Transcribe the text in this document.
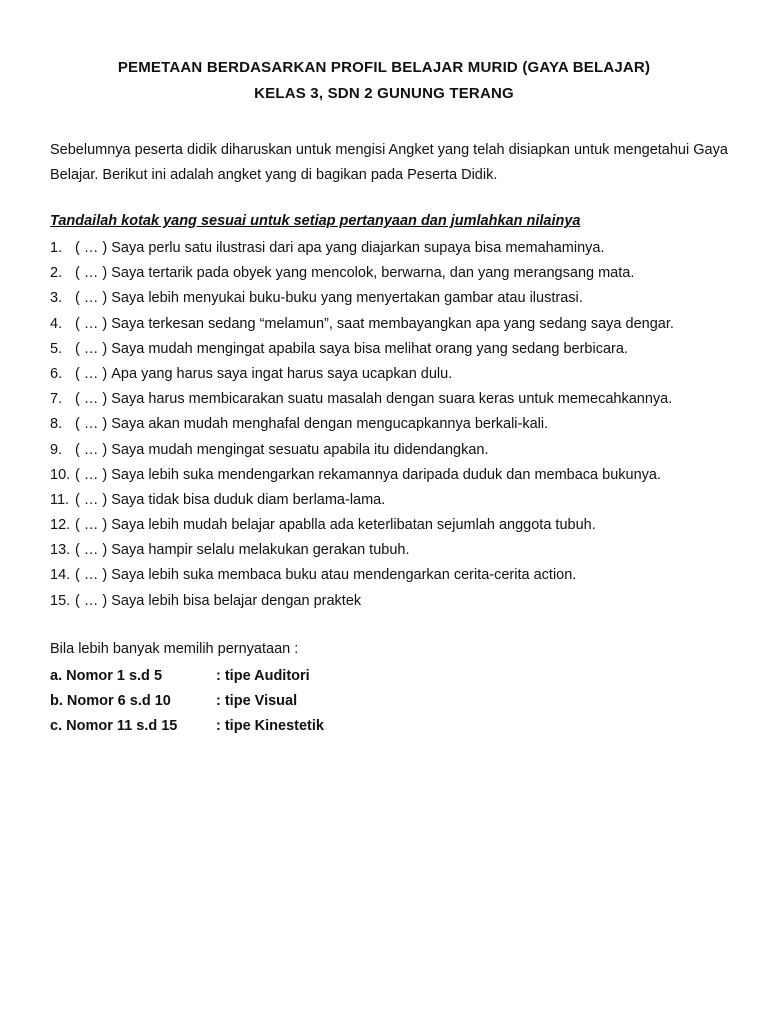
PEMETAAN BERDASARKAN PROFIL BELAJAR MURID (GAYA BELAJAR)
KELAS 3, SDN 2 GUNUNG TERANG
Sebelumnya peserta didik diharuskan untuk mengisi Angket yang telah disiapkan untuk mengetahui Gaya Belajar. Berikut ini adalah angket yang di bagikan pada Peserta Didik.
Tandailah kotak yang sesuai untuk setiap pertanyaan dan jumlahkan nilainya
1. ( … ) Saya perlu satu ilustrasi dari apa yang diajarkan supaya bisa memahaminya.
2. ( … ) Saya tertarik pada obyek yang mencolok, berwarna, dan yang merangsang mata.
3. ( … ) Saya lebih menyukai buku-buku yang menyertakan gambar atau ilustrasi.
4. ( … ) Saya terkesan sedang “melamun”, saat membayangkan apa yang sedang saya dengar.
5. ( … ) Saya mudah mengingat apabila saya bisa melihat orang yang sedang berbicara.
6. ( … ) Apa yang harus saya ingat harus saya ucapkan dulu.
7. ( … ) Saya harus membicarakan suatu masalah dengan suara keras untuk memecahkannya.
8. ( … ) Saya akan mudah menghafal dengan mengucapkannya berkali-kali.
9. ( … ) Saya mudah mengingat sesuatu apabila itu didendangkan.
10. ( … ) Saya lebih suka mendengarkan rekamannya daripada duduk dan membaca bukunya.
11. ( … ) Saya tidak bisa duduk diam berlama-lama.
12. ( … ) Saya lebih mudah belajar apablla ada keterlibatan sejumlah anggota tubuh.
13. ( … ) Saya hampir selalu melakukan gerakan tubuh.
14. ( … ) Saya lebih suka membaca buku atau mendengarkan cerita-cerita action.
15. ( … ) Saya lebih bisa belajar dengan praktek
Bila lebih banyak memilih pernyataan :
a. Nomor 1 s.d 5	: tipe Auditori
b. Nomor 6 s.d 10	: tipe Visual
c. Nomor 11 s.d 15	: tipe Kinestetik
